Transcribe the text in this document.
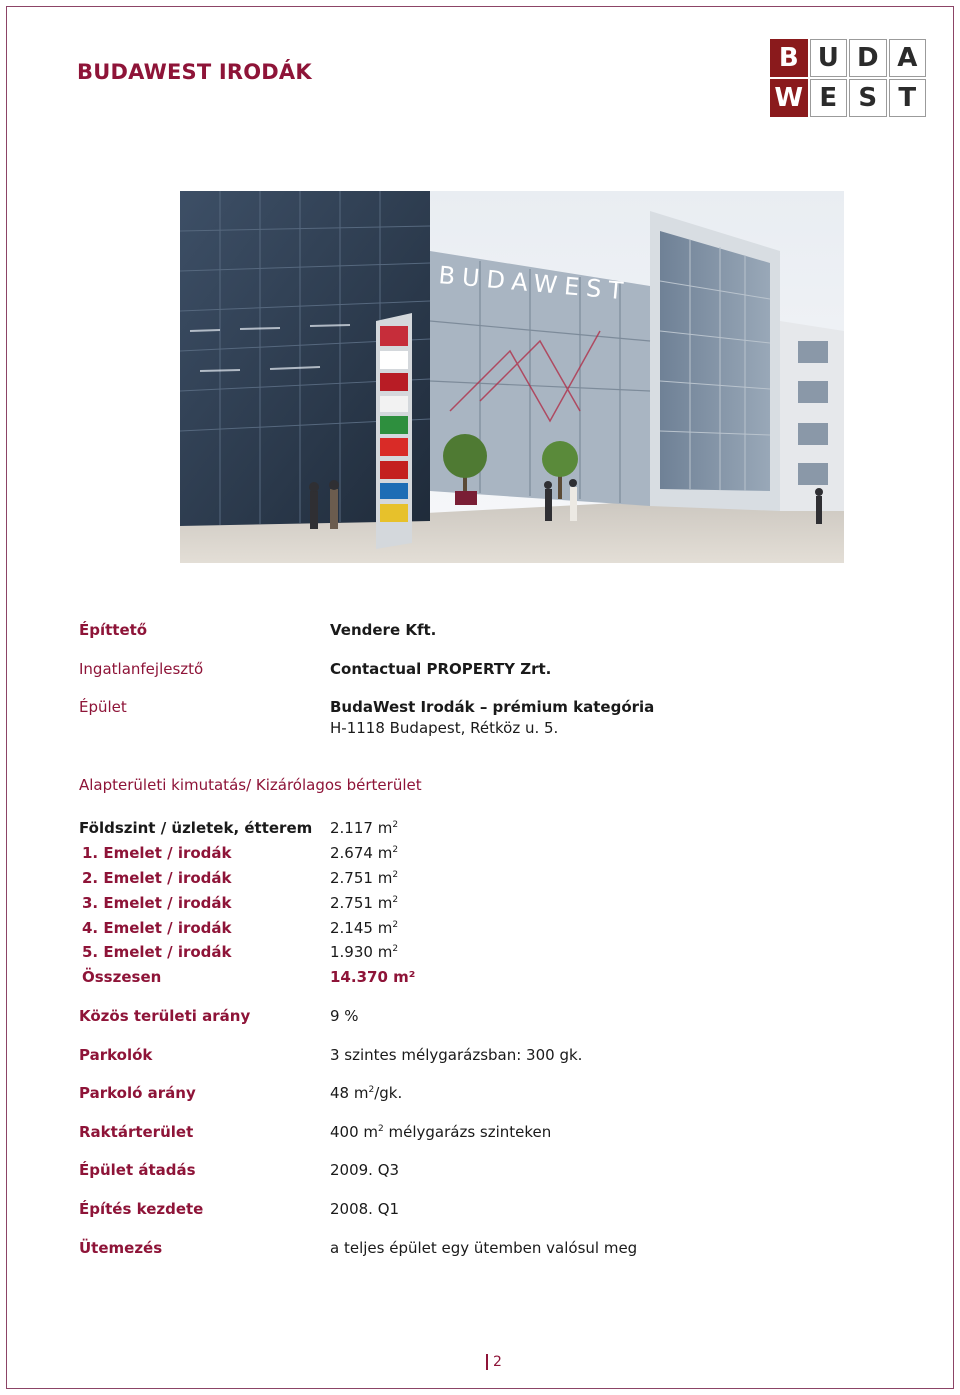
BUDAWEST IRODÁK	B U D A
W E S T
BUDAWEST
Építtető	Vendere Kft.
Ingatlanfejlesztő	Contactual PROPERTY Zrt.
Épület	BudaWest Irodák – prémium kategória
H-1118 Budapest, Rétköz u. 5.
Alapterületi kimutatás/ Kizárólagos bérterület
Földszint / üzletek, étterem 2.117 $m^2$
1. Emelet / irodák	2.674 $m^2$
2. Emelet / irodák	2.751 $m^2$
3. Emelet / irodák	2.751 $m^2$
4. Emelet / irodák	2.145 $m^2$
5. Emelet / irodák	1.930 $m^2$
Összesen	14.370 m²
Közös területi arány	9 %
Parkolók	3 szintes mélygarázsban: 300 gk.
Parkoló arány	48 $m^2/gk$.
Raktárterület	400 $m^2$ mélygarázs szinteken
Épület átadás	2009. Q3
Építés kezdete	2008. Q1
Ütemezés	a teljes épület egy ütemben valósul meg
2
